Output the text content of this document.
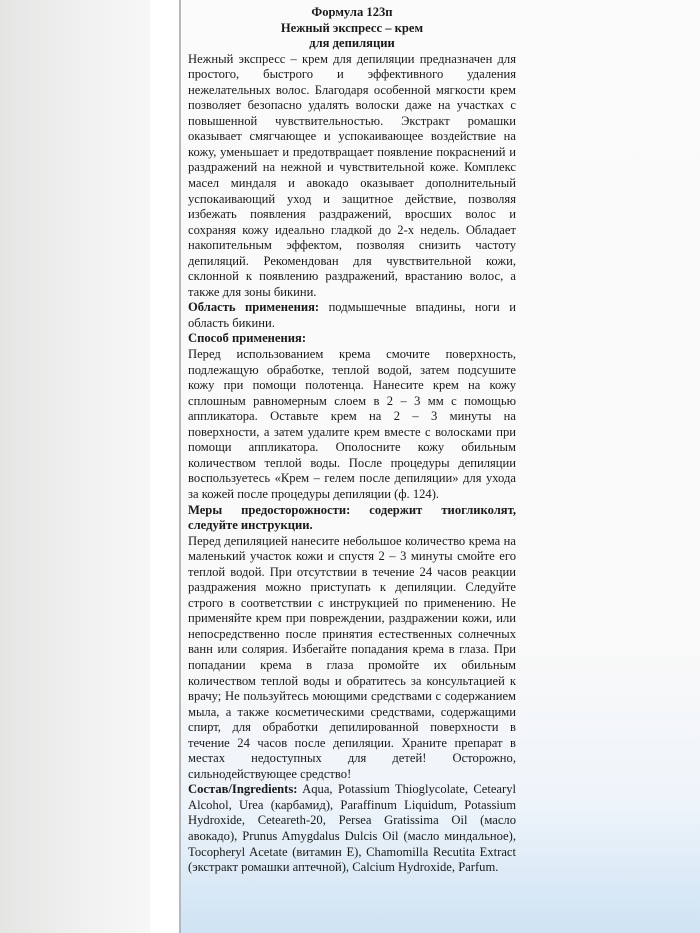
Формула 123п
Нежный экспресс – крем
для депиляции

Нежный экспресс – крем для депиляции предназначен для простого, быстрого и эффективного удаления нежелательных волос. Благодаря особенной мягкости крем позволяет безопасно удалять волоски даже на участках с повышенной чувствительностью. Экстракт ромашки оказывает смягчающее и успокаивающее воздействие на кожу, уменьшает и предотвращает появление покраснений и раздражений на нежной и чувствительной коже. Комплекс масел миндаля и авокадо оказывает дополнительный успокаивающий уход и защитное действие, позволяя избежать появления раздражений, вросших волос и сохраняя кожу идеально гладкой до 2-х недель. Обладает накопительным эффектом, позволяя снизить частоту депиляций. Рекомендован для чувствительной кожи, склонной к появлению раздражений, врастанию волос, а также для зоны бикини.

Область применения: подмышечные впадины, ноги и область бикини.

Способ применения:

Перед использованием крема смочите поверхность, подлежащую обработке, теплой водой, затем подсушите кожу при помощи полотенца. Нанесите крем на кожу сплошным равномерным слоем в 2 – 3 мм с помощью аппликатора. Оставьте крем на 2 – 3 минуты на поверхности, а затем удалите крем вместе с волосками при помощи аппликатора. Ополосните кожу обильным количеством теплой воды. После процедуры депиляции воспользуетесь «Крем – гелем после депиляции» для ухода за кожей после процедуры депиляции (ф. 124).

Меры предосторожности: содержит тиогликолят, следуйте инструкции.

Перед депиляцией нанесите небольшое количество крема на маленький участок кожи и спустя 2 – 3 минуты смойте его теплой водой. При отсутствии в течение 24 часов реакции раздражения можно приступать к депиляции. Следуйте строго в соответствии с инструкцией по применению. Не применяйте крем при повреждении, раздражении кожи, или непосредственно после принятия естественных солнечных ванн или солярия. Избегайте попадания крема в глаза. При попадании крема в глаза промойте их обильным количеством теплой воды и обратитесь за консультацией к врачу; Не пользуйтесь моющими средствами с содержанием мыла, а также косметическими средствами, содержащими спирт, для обработки депилированной поверхности в течение 24 часов после депиляции. Храните препарат в местах недоступных для детей! Осторожно, сильнодействующее средство!

Состав/Ingredients: Aqua, Potassium Thioglycolate, Cetearyl Alcohol, Urea (карбамид), Paraffinum Liquidum, Potassium Hydroxide, Ceteareth-20, Persea Gratissima Oil (масло авокадо), Prunus Amygdalus Dulcis Oil (масло миндальное), Tocopheryl Acetate (витамин Е), Chamomilla Recutita Extract (экстракт ромашки аптечной), Calcium Hydroxide, Parfum.
